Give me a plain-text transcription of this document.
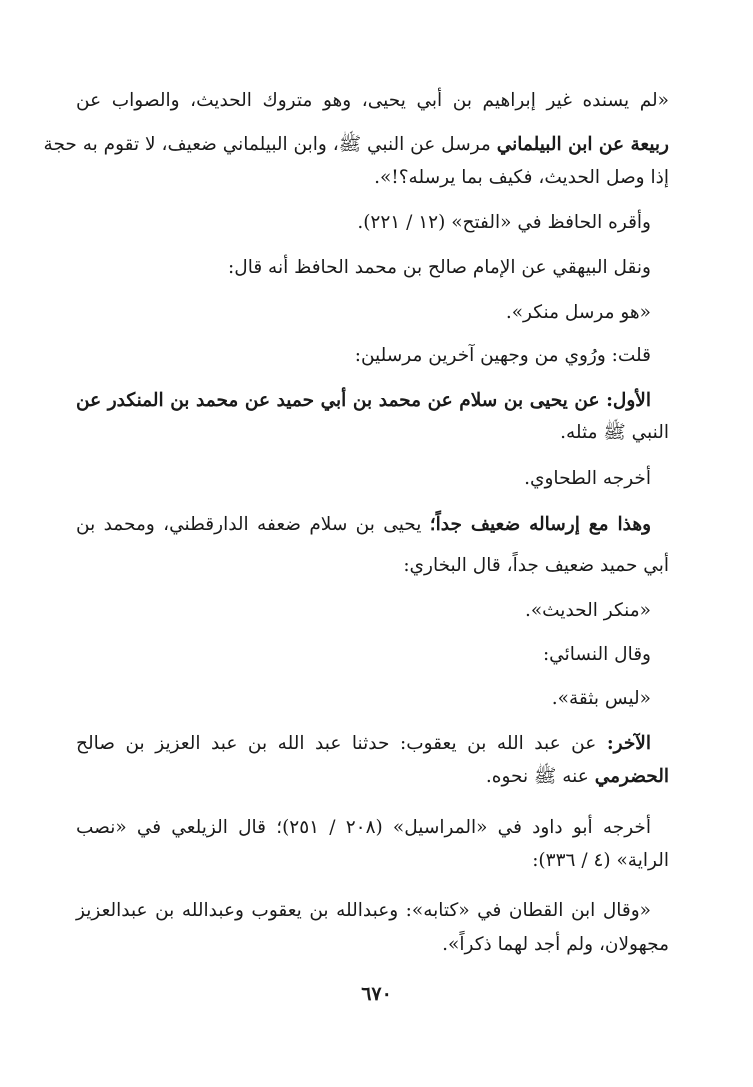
«لم يسنده غير إبراهيم بن أبي يحيى، وهو متروك الحديث، والصواب عن
ربيعة عن ابن البيلماني مرسل عن النبي ﷺ، وابن البيلماني ضعيف، لا تقوم به حجة
إذا وصل الحديث، فكيف بما يرسله؟!».
وأقره الحافظ في «الفتح» (١٢ / ٢٢١).
ونقل البيهقي عن الإمام صالح بن محمد الحافظ أنه قال:
«هو مرسل منكر».
قلت: ورُوي من وجهين آخرين مرسلين:
الأول: عن يحيى بن سلام عن محمد بن أبي حميد عن محمد بن المنكدر عن
النبي ﷺ مثله.
أخرجه الطحاوي.
وهذا مع إرساله ضعيف جداً؛ يحيى بن سلام ضعفه الدارقطني، ومحمد بن
أبي حميد ضعيف جداً، قال البخاري:
«منكر الحديث».
وقال النسائي:
«ليس بثقة».
الآخر: عن عبد الله بن يعقوب: حدثنا عبد الله بن عبد العزيز بن صالح
الحضرمي عنه ﷺ نحوه.
أخرجه أبو داود في «المراسيل» (٢٠٨ / ٢٥١)؛ قال الزيلعي في «نصب
الراية» (٤ / ٣٣٦):
«وقال ابن القطان في «كتابه»: وعبدالله بن يعقوب وعبدالله بن عبدالعزيز
مجهولان، ولم أجد لهما ذكراً».
٦٧٠
